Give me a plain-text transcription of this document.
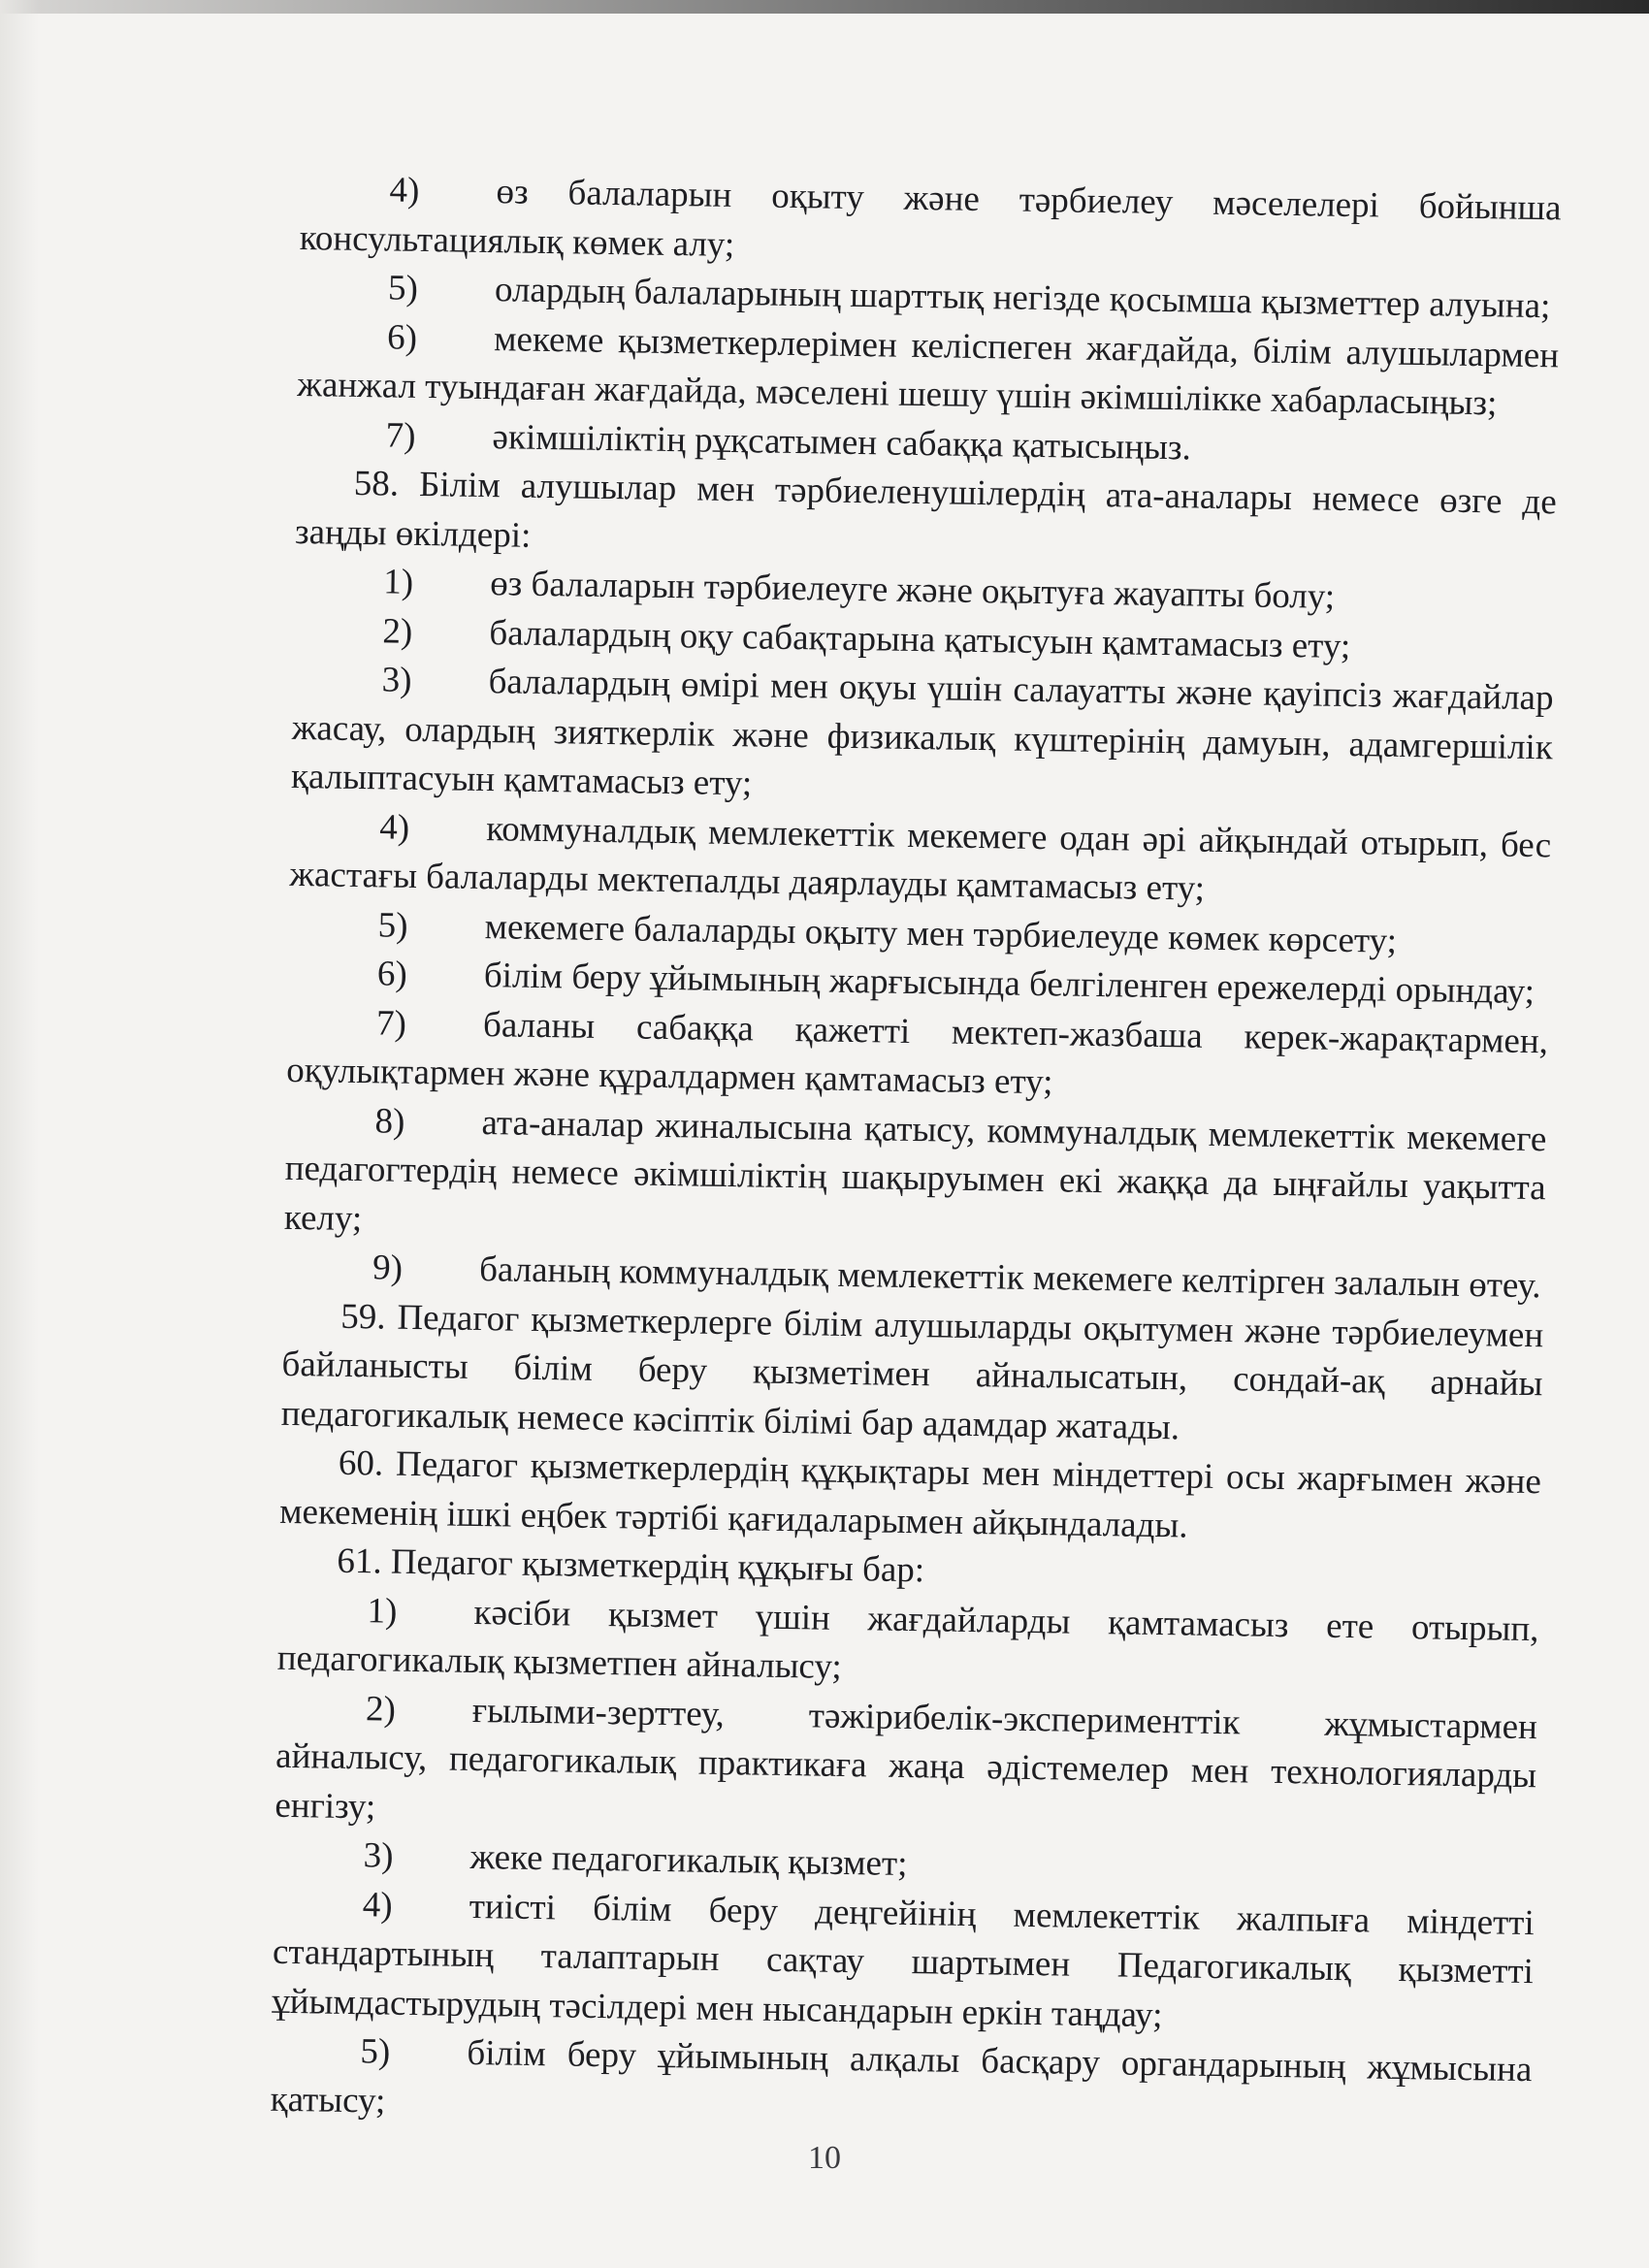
4) өз балаларын оқыту және тәрбиелеу мәселелері бойынша консультациялық көмек алу;

5) олардың балаларының шарттық негізде қосымша қызметтер алуына;

6) мекеме қызметкерлерімен келіспеген жағдайда, білім алушылармен жанжал туындаған жағдайда, мәселені шешу үшін әкімшілікке хабарласыңыз;

7) әкімшіліктің рұқсатымен сабаққа қатысыңыз.

58. Білім алушылар мен тәрбиеленушілердің ата-аналары немесе өзге де заңды өкілдері:

1) өз балаларын тәрбиелеуге және оқытуға жауапты болу;

2) балалардың оқу сабақтарына қатысуын қамтамасыз ету;

3) балалардың өмірі мен оқуы үшін салауатты және қауіпсіз жағдайлар жасау, олардың зияткерлік және физикалық күштерінің дамуын, адамгершілік қалыптасуын қамтамасыз ету;

4) коммуналдық мемлекеттік мекемеге одан әрі айқындай отырып, бес жастағы балаларды мектепалды даярлауды қамтамасыз ету;

5) мекемеге балаларды оқыту мен тәрбиелеуде көмек көрсету;

6) білім беру ұйымының жарғысында белгіленген ережелерді орындау;

7) баланы сабаққа қажетті мектеп-жазбаша керек-жарақтармен, оқулықтармен және құралдармен қамтамасыз ету;

8) ата-аналар жиналысына қатысу, коммуналдық мемлекеттік мекемеге педагогтердің немесе әкімшіліктің шақыруымен екі жаққа да ыңғайлы уақытта келу;

9) баланың коммуналдық мемлекеттік мекемеге келтірген залалын өтеу.

59. Педагог қызметкерлерге білім алушыларды оқытумен және тәрбиелеумен байланысты білім беру қызметімен айналысатын, сондай-ақ арнайы педагогикалық немесе кәсіптік білімі бар адамдар жатады.

60. Педагог қызметкерлердің құқықтары мен міндеттері осы жарғымен және мекеменің ішкі еңбек тәртібі қағидаларымен айқындалады.

61. Педагог қызметкердің құқығы бар:

1) кәсіби қызмет үшін жағдайларды қамтамасыз ете отырып, педагогикалық қызметпен айналысу;

2) ғылыми-зерттеу, тәжірибелік-эксперименттік жұмыстармен айналысу, педагогикалық практикаға жаңа әдістемелер мен технологияларды енгізу;

3) жеке педагогикалық қызмет;

4) тиісті білім беру деңгейінің мемлекеттік жалпыға міндетті стандартының талаптарын сақтау шартымен Педагогикалық қызметті ұйымдастырудың тәсілдері мен нысандарын еркін таңдау;

5) білім беру ұйымының алқалы басқару органдарының жұмысына қатысу;

10
